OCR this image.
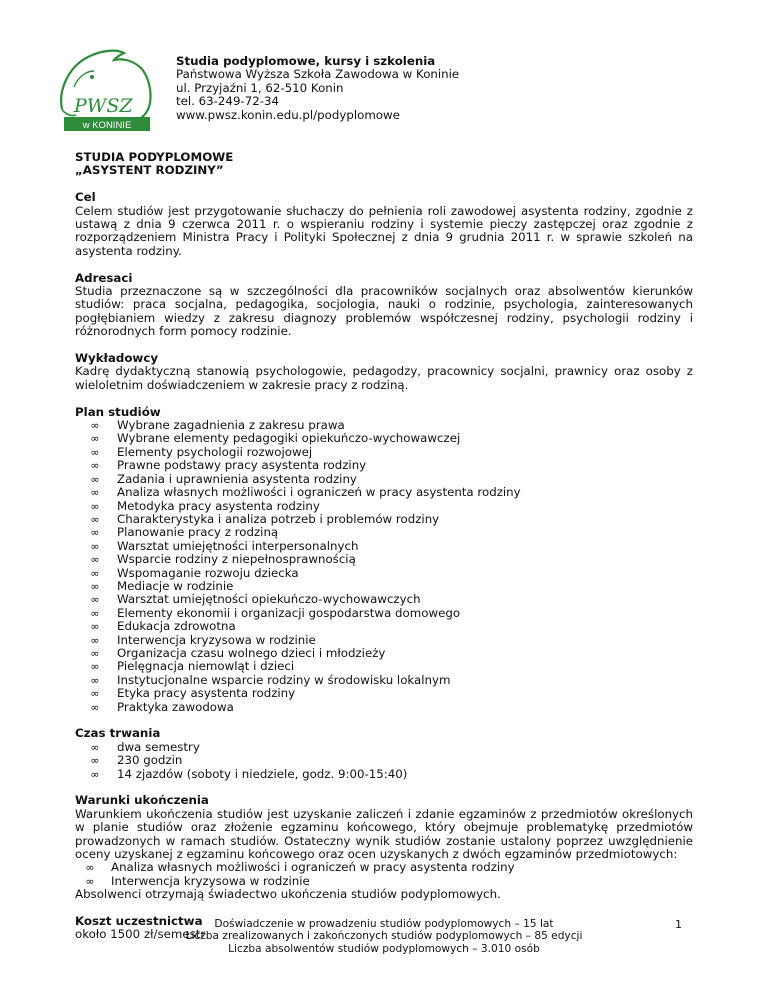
PWSZ
w KONINIE
Studia podyplomowe, kursy i szkolenia
Państwowa Wyższa Szkoła Zawodowa w Koninie
ul. Przyjaźni 1, 62-510 Konin
tel. 63-249-72-34
www.pwsz.konin.edu.pl/podyplomowe
STUDIA PODYPLOMOWE
„ASYSTENT RODZINY”
Cel
Celem studiów jest przygotowanie słuchaczy do pełnienia roli zawodowej asystenta rodziny, zgodnie z ustawą z dnia 9 czerwca 2011 r. o wspieraniu rodziny i systemie pieczy zastępczej oraz zgodnie z rozporządzeniem Ministra Pracy i Polityki Społecznej z dnia 9 grudnia 2011 r. w sprawie szkoleń na asystenta rodziny.
Adresaci
Studia przeznaczone są w szczególności dla pracowników socjalnych oraz absolwentów kierunków studiów: praca socjalna, pedagogika, socjologia, nauki o rodzinie, psychologia, zainteresowanych pogłębianiem wiedzy z zakresu diagnozy problemów współczesnej rodziny, psychologii rodziny i różnorodnych form pomocy rodzinie.
Wykładowcy
Kadrę dydaktyczną stanowią psychologowie, pedagodzy, pracownicy socjalni, prawnicy oraz osoby z wieloletnim doświadczeniem w zakresie pracy z rodziną.
Plan studiów
∞ Wybrane zagadnienia z zakresu prawa
∞ Wybrane elementy pedagogiki opiekuńczo-wychowawczej
∞ Elementy psychologii rozwojowej
∞ Prawne podstawy pracy asystenta rodziny
∞ Zadania i uprawnienia asystenta rodziny
∞ Analiza własnych możliwości i ograniczeń w pracy asystenta rodziny
∞ Metodyka pracy asystenta rodziny
∞ Charakterystyka i analiza potrzeb i problemów rodziny
∞ Planowanie pracy z rodziną
∞ Warsztat umiejętności interpersonalnych
∞ Wsparcie rodziny z niepełnosprawnością
∞ Wspomaganie rozwoju dziecka
∞ Mediacje w rodzinie
∞ Warsztat umiejętności opiekuńczo-wychowawczych
∞ Elementy ekonomii i organizacji gospodarstwa domowego
∞ Edukacja zdrowotna
∞ Interwencja kryzysowa w rodzinie
∞ Organizacja czasu wolnego dzieci i młodzieży
∞ Pielęgnacja niemowląt i dzieci
∞ Instytucjonalne wsparcie rodziny w środowisku lokalnym
∞ Etyka pracy asystenta rodziny
∞ Praktyka zawodowa
Czas trwania
∞ dwa semestry
∞ 230 godzin
∞ 14 zjazdów (soboty i niedziele, godz. 9:00-15:40)
Warunki ukończenia
Warunkiem ukończenia studiów jest uzyskanie zaliczeń i zdanie egzaminów z przedmiotów określonych w planie studiów oraz złożenie egzaminu końcowego, który obejmuje problematykę przedmiotów prowadzonych w ramach studiów. Ostateczny wynik studiów zostanie ustalony poprzez uwzględnienie oceny uzyskanej z egzaminu końcowego oraz ocen uzyskanych z dwóch egzaminów przedmiotowych:
∞ Analiza własnych możliwości i ograniczeń w pracy asystenta rodziny
∞ Interwencja kryzysowa w rodzinie
Absolwenci otrzymają świadectwo ukończenia studiów podyplomowych.
Koszt uczestnictwa
około 1500 zł/semestr
Doświadczenie w prowadzeniu studiów podyplomowych – 15 lat
Liczba zrealizowanych i zakończonych studiów podyplomowych – 85 edycji
Liczba absolwentów studiów podyplomowych – 3.010 osób
1
